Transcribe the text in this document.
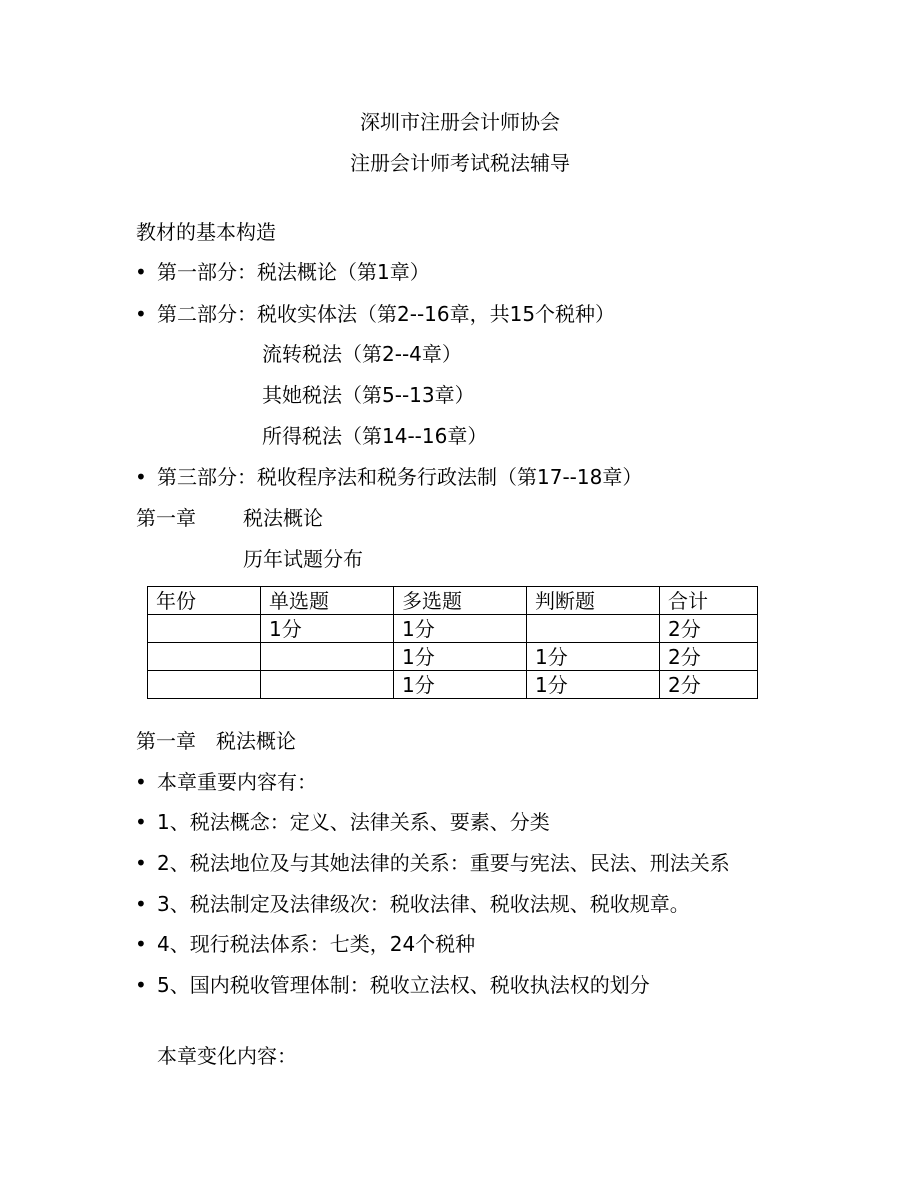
深圳市注册会计师协会
注册会计师考试税法辅导
教材的基本构造
• 第一部分：税法概论（第1章）
• 第二部分：税收实体法（第2--16章，共15个税种）
流转税法（第2--4章）
其她税法（第5--13章）
所得税法（第14--16章）
• 第三部分：税收程序法和税务行政法制（第17--18章）
第一章 税法概论
历年试题分布
年份	单选题	多选题	判断题	合计
	1分	1分		2分
		1分	1分	2分
		1分	1分	2分
第一章　税法概论
• 本章重要内容有：
• 1、税法概念：定义、法律关系、要素、分类
• 2、税法地位及与其她法律的关系：重要与宪法、民法、刑法关系
• 3、税法制定及法律级次：税收法律、税收法规、税收规章。
• 4、现行税法体系：七类，24个税种
• 5、国内税收管理体制：税收立法权、税收执法权的划分
本章变化内容：
